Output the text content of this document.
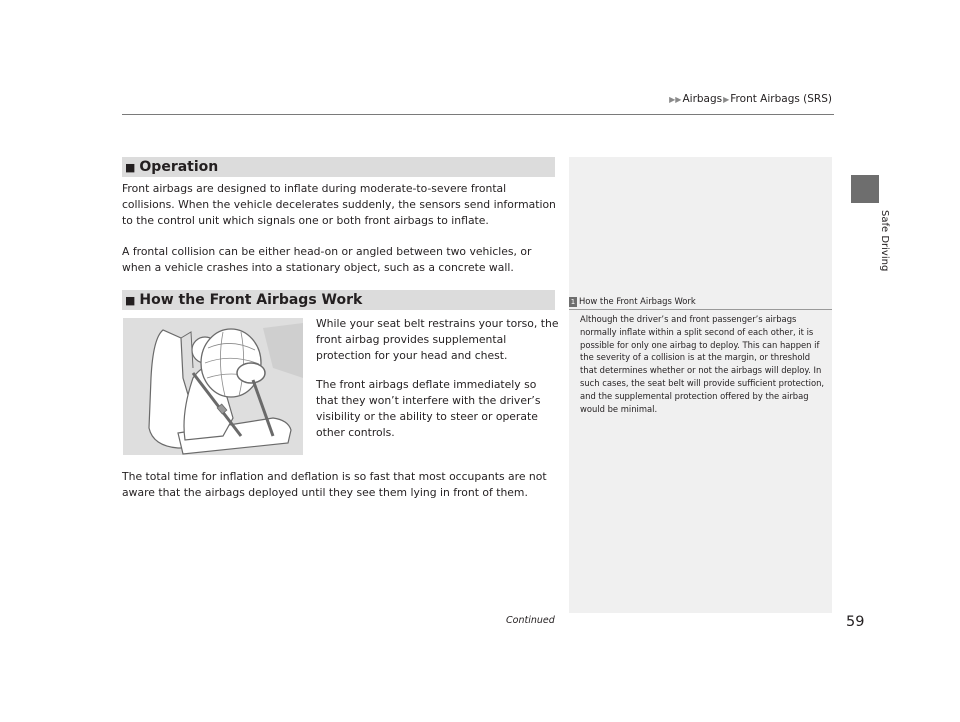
▶▶Airbags▶Front Airbags (SRS)
Safe Driving
■ Operation

Front airbags are designed to inflate during moderate-to-severe frontal collisions. When the vehicle decelerates suddenly, the sensors send information to the control unit which signals one or both front airbags to inflate.

A frontal collision can be either head-on or angled between two vehicles, or when a vehicle crashes into a stationary object, such as a concrete wall.

■ How the Front Airbags Work

While your seat belt restrains your torso, the front airbag provides supplemental protection for your head and chest.

The front airbags deflate immediately so that they won’t interfere with the driver’s visibility or the ability to steer or operate other controls.

The total time for inflation and deflation is so fast that most occupants are not aware that the airbags deployed until they see them lying in front of them.

1 How the Front Airbags Work

Although the driver’s and front passenger’s airbags normally inflate within a split second of each other, it is possible for only one airbag to deploy. This can happen if the severity of a collision is at the margin, or threshold that determines whether or not the airbags will deploy. In such cases, the seat belt will provide sufficient protection, and the supplemental protection offered by the airbag would be minimal.

Continued	59
